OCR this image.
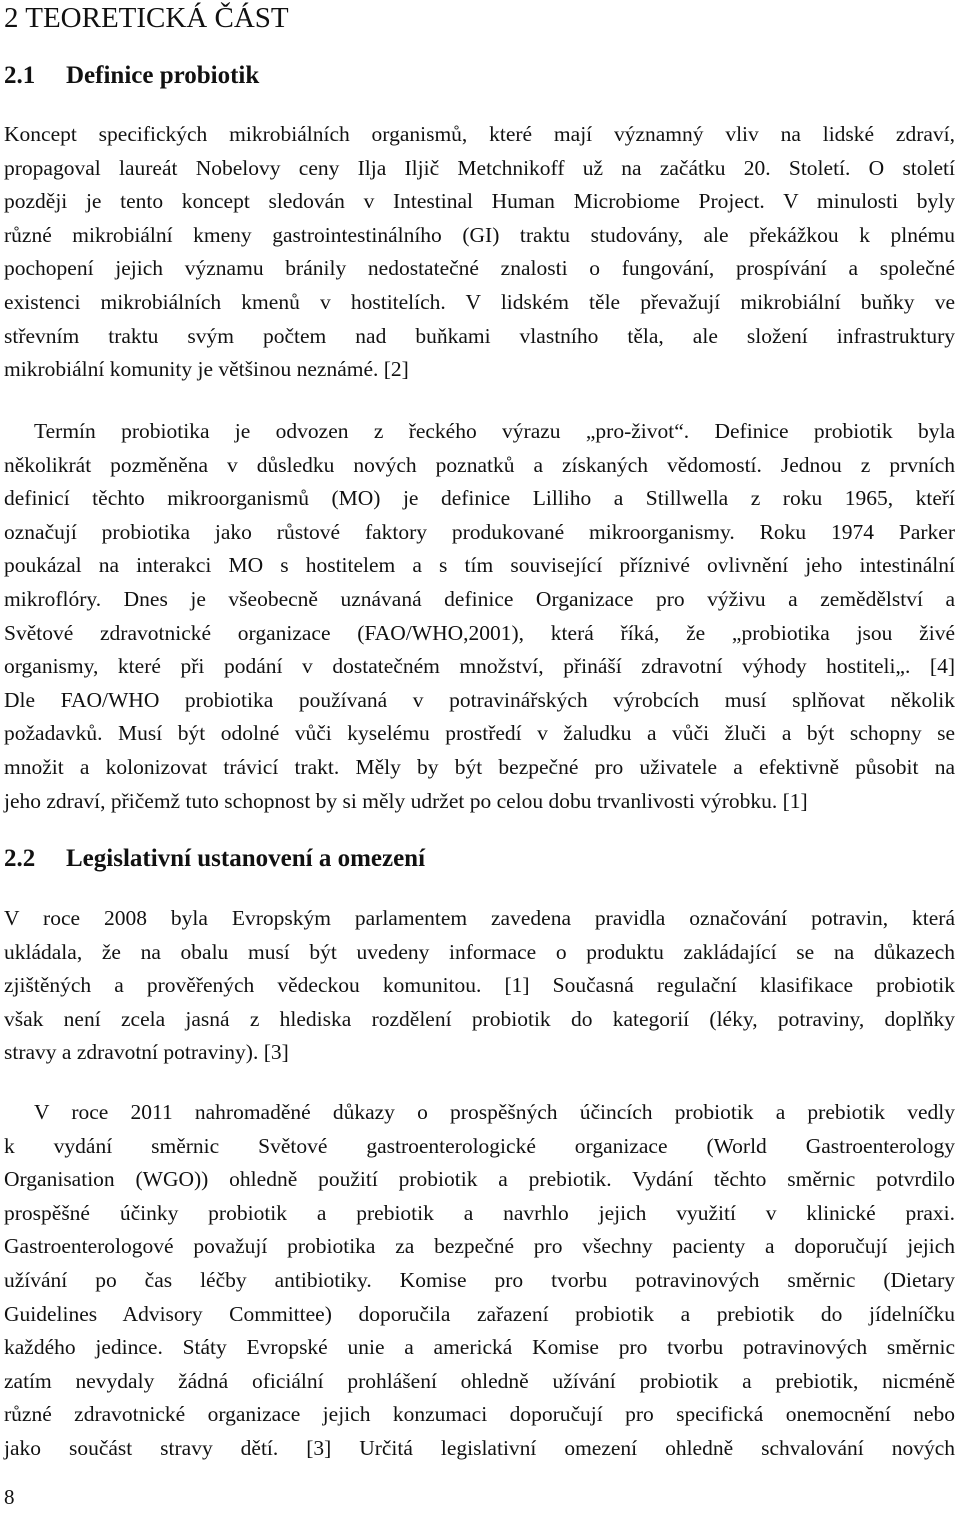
2 TEORETICKÁ ČÁST
2.1 Definice probiotik
Koncept specifických mikrobiálních organismů, které mají významný vliv na lidské zdraví,
propagoval laureát Nobelovy ceny Ilja Iljič Metchnikoff už na začátku 20. Století. O století
později je tento koncept sledován v Intestinal Human Microbiome Project. V minulosti byly
různé mikrobiální kmeny gastrointestinálního (GI) traktu studovány, ale překážkou k plnému
pochopení jejich významu bránily nedostatečné znalosti o fungování, prospívání a společné
existenci mikrobiálních kmenů v hostitelích. V lidském těle převažují mikrobiální buňky ve
střevním traktu svým počtem nad buňkami vlastního těla, ale složení infrastruktury
mikrobiální komunity je většinou neznámé. [2]
Termín probiotika je odvozen z řeckého výrazu „pro-život“. Definice probiotik byla
několikrát pozměněna v důsledku nových poznatků a získaných vědomostí. Jednou z prvních
definicí těchto mikroorganismů (MO) je definice Lilliho a Stillwella z roku 1965, kteří
označují probiotika jako růstové faktory produkované mikroorganismy. Roku 1974 Parker
poukázal na interakci MO s hostitelem a s tím související příznivé ovlivnění jeho intestinální
mikroflóry. Dnes je všeobecně uznávaná definice Organizace pro výživu a zemědělství a
Světové zdravotnické organizace (FAO/WHO,2001), která říká, že „probiotika jsou živé
organismy, které při podání v dostatečném množství, přináší zdravotní výhody hostiteli„. [4]
Dle FAO/WHO probiotika používaná v potravinářských výrobcích musí splňovat několik
požadavků. Musí být odolné vůči kyselému prostředí v žaludku a vůči žluči a být schopny se
množit a kolonizovat trávicí trakt. Měly by být bezpečné pro uživatele a efektivně působit na
jeho zdraví, přičemž tuto schopnost by si měly udržet po celou dobu trvanlivosti výrobku. [1]
2.2 Legislativní ustanovení a omezení
V roce 2008 byla Evropským parlamentem zavedena pravidla označování potravin, která
ukládala, že na obalu musí být uvedeny informace o produktu zakládající se na důkazech
zjištěných a prověřených vědeckou komunitou. [1] Současná regulační klasifikace probiotik
však není zcela jasná z hlediska rozdělení probiotik do kategorií (léky, potraviny, doplňky
stravy a zdravotní potraviny). [3]
V roce 2011 nahromaděné důkazy o prospěšných účincích probiotik a prebiotik vedly
k vydání směrnic Světové gastroenterologické organizace (World Gastroenterology
Organisation (WGO)) ohledně použití probiotik a prebiotik. Vydání těchto směrnic potvrdilo
prospěšné účinky probiotik a prebiotik a navrhlo jejich využití v klinické praxi.
Gastroenterologové považují probiotika za bezpečné pro všechny pacienty a doporučují jejich
užívání po čas léčby antibiotiky. Komise pro tvorbu potravinových směrnic (Dietary
Guidelines Advisory Committee) doporučila zařazení probiotik a prebiotik do jídelníčku
každého jedince. Státy Evropské unie a americká Komise pro tvorbu potravinových směrnic
zatím nevydaly žádná oficiální prohlášení ohledně užívání probiotik a prebiotik, nicméně
různé zdravotnické organizace jejich konzumaci doporučují pro specifická onemocnění nebo
jako součást stravy dětí. [3] Určitá legislativní omezení ohledně schvalování nových
8
